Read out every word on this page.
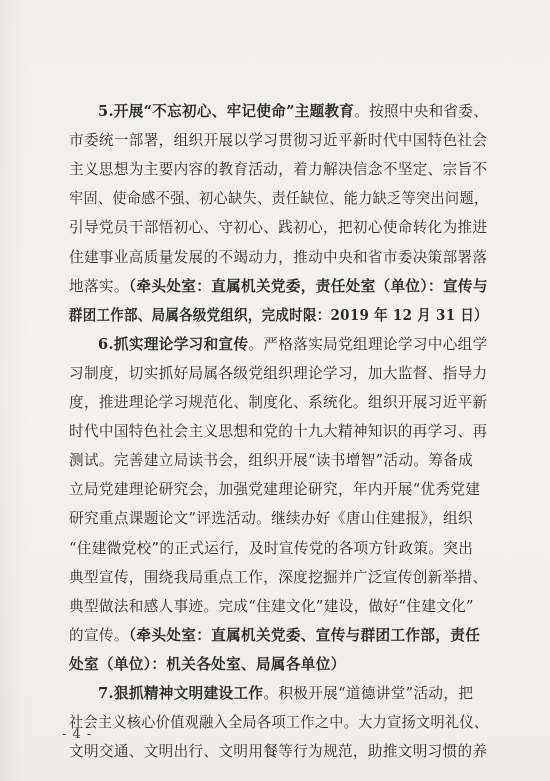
5.开展“不忘初心、牢记使命”主题教育。按照中央和省委、
市委统一部署，组织开展以学习贯彻习近平新时代中国特色社会
主义思想为主要内容的教育活动，着力解决信念不坚定、宗旨不
牢固、使命感不强、初心缺失、责任缺位、能力缺乏等突出问题，
引导党员干部悟初心、守初心、践初心，把初心使命转化为推进
住建事业高质量发展的不竭动力，推动中央和省市委决策部署落
地落实。（牵头处室：直属机关党委，责任处室（单位）：宣传与
群团工作部、局属各级党组织，完成时限：2019 年 12 月 31 日）
6.抓实理论学习和宣传。严格落实局党组理论学习中心组学
习制度，切实抓好局属各级党组织理论学习，加大监督、指导力
度，推进理论学习规范化、制度化、系统化。组织开展习近平新
时代中国特色社会主义思想和党的十九大精神知识的再学习、再
测试。完善建立局读书会，组织开展“读书增智”活动。筹备成
立局党建理论研究会，加强党建理论研究，年内开展“优秀党建
研究重点课题论文”评选活动。继续办好《唐山住建报》，组织
“住建微党校”的正式运行，及时宣传党的各项方针政策。突出
典型宣传，围绕我局重点工作，深度挖掘并广泛宣传创新举措、
典型做法和感人事迹。完成“住建文化”建设，做好“住建文化”
的宣传。（牵头处室：直属机关党委、宣传与群团工作部，责任
处室（单位）：机关各处室、局属各单位）
7.狠抓精神文明建设工作。积极开展“道德讲堂”活动，把
社会主义核心价值观融入全局各项工作之中。大力宣扬文明礼仪、
文明交通、文明出行、文明用餐等行为规范，助推文明习惯的养
- 4 -
